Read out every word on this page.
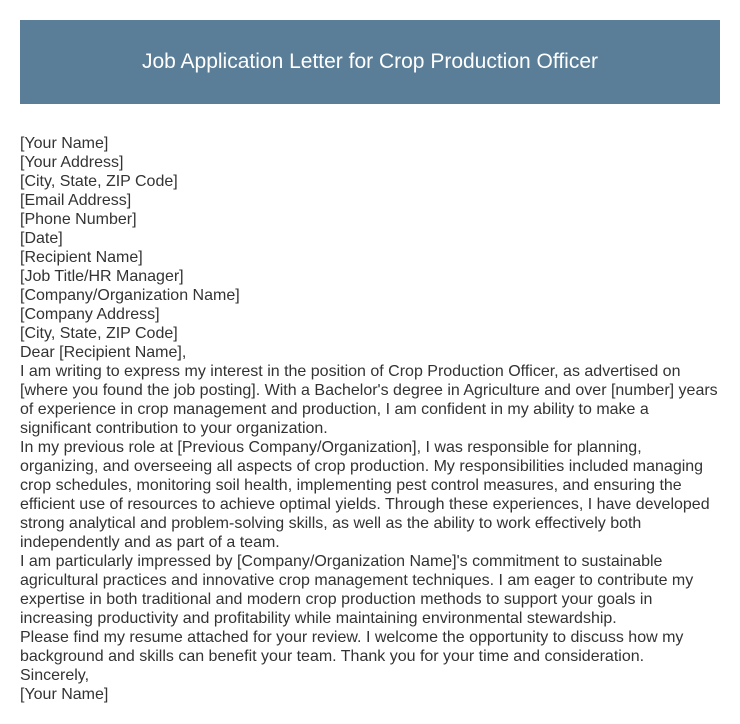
Job Application Letter for Crop Production Officer

[Your Name]

[Your Address]

[City, State, ZIP Code]

[Email Address]

[Phone Number]

[Date]

[Recipient Name]

[Job Title/HR Manager]

[Company/Organization Name]

[Company Address]

[City, State, ZIP Code]

Dear [Recipient Name],

I am writing to express my interest in the position of Crop Production Officer, as advertised on [where you found the job posting]. With a Bachelor's degree in Agriculture and over [number] years of experience in crop management and production, I am confident in my ability to make a significant contribution to your organization.

In my previous role at [Previous Company/Organization], I was responsible for planning, organizing, and overseeing all aspects of crop production. My responsibilities included managing crop schedules, monitoring soil health, implementing pest control measures, and ensuring the efficient use of resources to achieve optimal yields. Through these experiences, I have developed strong analytical and problem-solving skills, as well as the ability to work effectively both independently and as part of a team.

I am particularly impressed by [Company/Organization Name]'s commitment to sustainable agricultural practices and innovative crop management techniques. I am eager to contribute my expertise in both traditional and modern crop production methods to support your goals in increasing productivity and profitability while maintaining environmental stewardship.

Please find my resume attached for your review. I welcome the opportunity to discuss how my background and skills can benefit your team. Thank you for your time and consideration.

Sincerely,

[Your Name]
